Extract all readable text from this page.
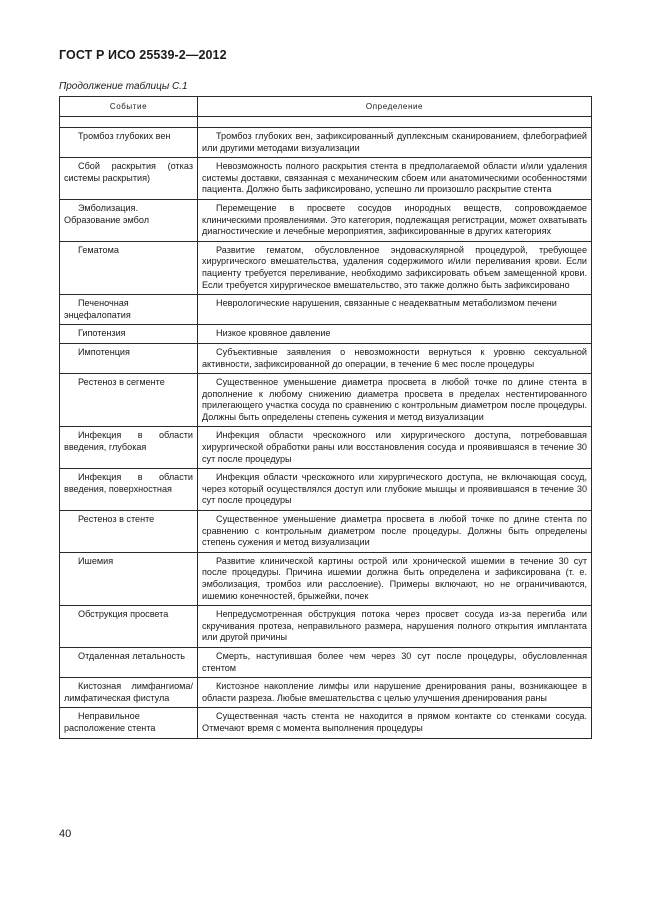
ГОСТ Р ИСО 25539-2—2012
Продолжение таблицы С.1
Событие	Определение

Тромбоз глубоких вен	Тромбоз глубоких вен, зафиксированный дуплексным сканированием, флебографией или другими методами визуализации

Сбой раскрытия (отказ системы раскрытия)	Невозможность полного раскрытия стента в предполагаемой области и/или удаления системы доставки, связанная с механическим сбоем или анатомическими особенностями пациента. Должно быть зафиксировано, успешно ли произошло раскрытие стента

Эмболизация. Образование эмбол	Перемещение в просвете сосудов инородных веществ, сопровождаемое клиническими проявлениями. Это категория, подлежащая регистрации, может охватывать диагностические и лечебные мероприятия, зафиксированные в других категориях

Гематома	Развитие гематом, обусловленное эндоваскулярной процедурой, требующее хирургического вмешательства, удаления содержимого и/или переливания крови. Если пациенту требуется переливание, необходимо зафиксировать объем замещенной крови. Если требуется хирургическое вмешательство, это также должно быть зафиксировано

Печеночная энцефалопатия	Неврологические нарушения, связанные с неадекватным метаболизмом печени

Гипотензия	Низкое кровяное давление

Импотенция	Субъективные заявления о невозможности вернуться к уровню сексуальной активности, зафиксированной до операции, в течение 6 мес после процедуры

Рестеноз в сегменте	Существенное уменьшение диаметра просвета в любой точке по длине стента в дополнение к любому снижению диаметра просвета в пределах нестентированного прилегающего участка сосуда по сравнению с контрольным диаметром после процедуры. Должны быть определены степень сужения и метод визуализации

Инфекция в области введения, глубокая	Инфекция области чрескожного или хирургического доступа, потребовавшая хирургической обработки раны или восстановления сосуда и проявившаяся в течение 30 сут после процедуры

Инфекция в области введения, поверхностная	Инфекция области чрескожного или хирургического доступа, не включающая сосуд, через который осуществлялся доступ или глубокие мышцы и проявившаяся в течение 30 сут после процедуры

Рестеноз в стенте	Существенное уменьшение диаметра просвета в любой точке по длине стента по сравнению с контрольным диаметром после процедуры. Должны быть определены степень сужения и метод визуализации

Ишемия	Развитие клинической картины острой или хронической ишемии в течение 30 сут после процедуры. Причина ишемии должна быть определена и зафиксирована (т. е. эмболизация, тромбоз или расслоение). Примеры включают, но не ограничиваются, ишемию конечностей, брыжейки, почек

Обструкция просвета	Непредусмотренная обструкция потока через просвет сосуда из-за перегиба или скручивания протеза, неправильного размера, нарушения полного открытия имплантата или другой причины

Отдаленная летальность	Смерть, наступившая более чем через 30 сут после процедуры, обусловленная стентом

Кистозная лимфангиома/лимфатическая фистула	Кистозное накопление лимфы или нарушение дренирования раны, возникающее в области разреза. Любые вмешательства с целью улучшения дренирования раны

Неправильное расположение стента	Существенная часть стента не находится в прямом контакте со стенками сосуда. Отмечают время с момента выполнения процедуры
40
